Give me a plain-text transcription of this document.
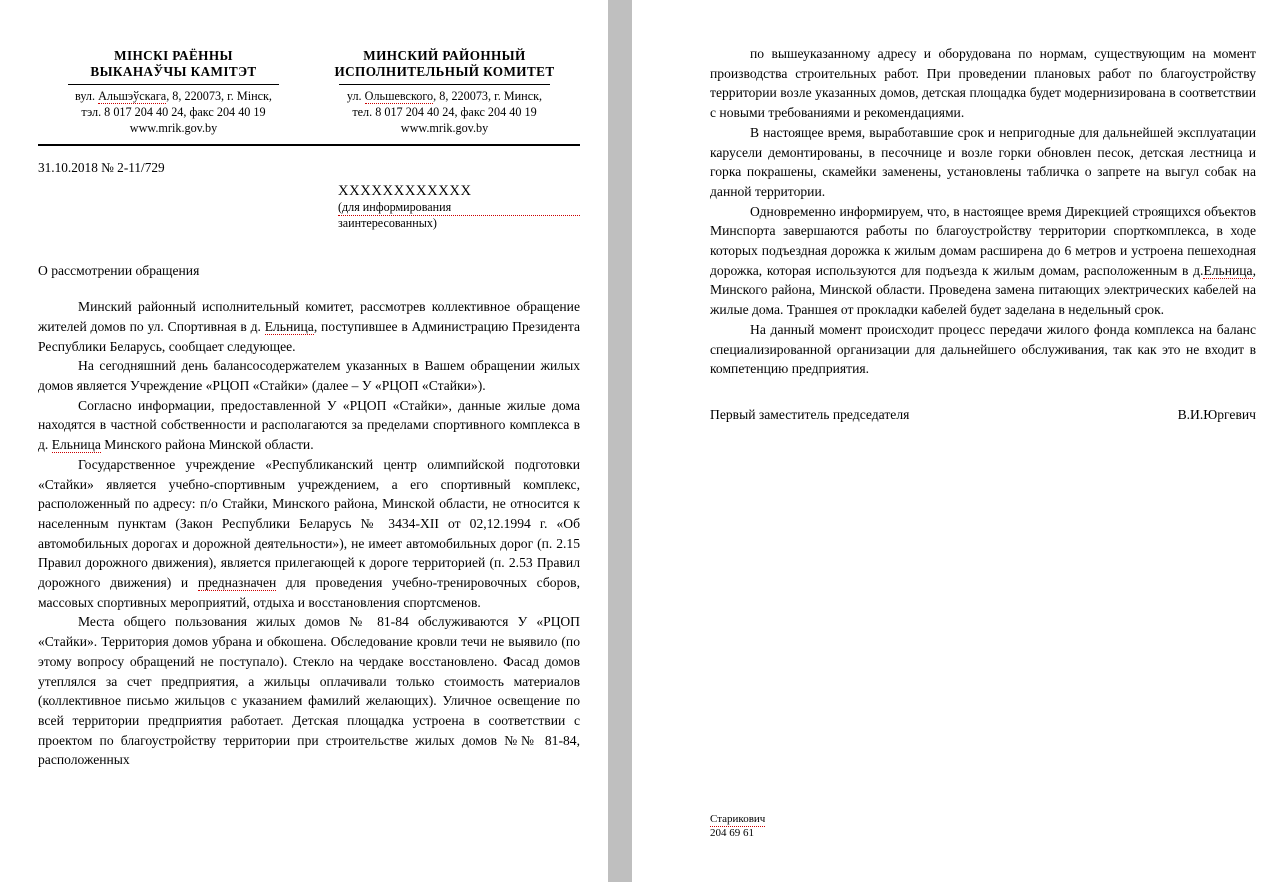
МІНСКІ РАЁННЫ
ВЫКАНАЎЧЫ КАМІТЭТ
вул. Альшэўскага, 8, 220073, г. Мінск,
тэл. 8 017 204 40 24, факс 204 40 19
www.mrik.gov.by
МИНСКИЙ РАЙОННЫЙ
ИСПОЛНИТЕЛЬНЫЙ КОМИТЕТ
ул. Ольшевского, 8, 220073, г. Минск,
тел. 8 017 204 40 24, факс 204 40 19
www.mrik.gov.by
31.10.2018 № 2-11/729
XXXXXXXXXXXX
(для информирования
заинтересованных)
О рассмотрении обращения

Минский районный исполнительный комитет, рассмотрев коллективное обращение жителей домов по ул. Спортивная в д. Ельница, поступившее в Администрацию Президента Республики Беларусь, сообщает следующее.

На сегодняшний день балансосодержателем указанных в Вашем обращении жилых домов является Учреждение «РЦОП «Стайки» (далее – У «РЦОП «Стайки»).

Согласно информации, предоставленной У «РЦОП «Стайки», данные жилые дома находятся в частной собственности и располагаются за пределами спортивного комплекса в д. Ельница Минского района Минской области.

Государственное учреждение «Республиканский центр олимпийской подготовки «Стайки» является учебно-спортивным учреждением, а его спортивный комплекс, расположенный по адресу: п/о Стайки, Минского района, Минской области, не относится к населенным пунктам (Закон Республики Беларусь № 3434-ХII от 02,12.1994 г. «Об автомобильных дорогах и дорожной деятельности»), не имеет автомобильных дорог (п. 2.15 Правил дорожного движения), является прилегающей к дороге территорией (п. 2.53 Правил дорожного движения) и предназначен для проведения учебно-тренировочных сборов, массовых спортивных мероприятий, отдыха и восстановления спортсменов.

Места общего пользования жилых домов № 81-84 обслуживаются У «РЦОП «Стайки». Территория домов убрана и обкошена. Обследование кровли течи не выявило (по этому вопросу обращений не поступало). Стекло на чердаке восстановлено. Фасад домов утеплялся за счет предприятия, а жильцы оплачивали только стоимость материалов (коллективное письмо жильцов с указанием фамилий желающих). Уличное освещение по всей территории предприятия работает. Детская площадка устроена в соответствии с проектом по благоустройству территории при строительстве жилых домов №№ 81-84, расположенных

по вышеуказанному адресу и оборудована по нормам, существующим на момент производства строительных работ. При проведении плановых работ по благоустройству территории возле указанных домов, детская площадка будет модернизирована в соответствии с новыми требованиями и рекомендациями.

В настоящее время, выработавшие срок и непригодные для дальнейшей эксплуатации карусели демонтированы, в песочнице и возле горки обновлен песок, детская лестница и горка покрашены, скамейки заменены, установлены табличка о запрете на выгул собак на данной территории.

Одновременно информируем, что, в настоящее время Дирекцией строящихся объектов Минспорта завершаются работы по благоустройству территории спорткомплекса, в ходе которых подъездная дорожка к жилым домам расширена до 6 метров и устроена пешеходная дорожка, которая используются для подъезда к жилым домам, расположенным в д.Ельница, Минского района, Минской области. Проведена замена питающих электрических кабелей на жилые дома. Траншея от прокладки кабелей будет заделана в недельный срок.

На данный момент происходит процесс передачи жилого фонда комплекса на баланс специализированной организации для дальнейшего обслуживания, так как это не входит в компетенцию предприятия.

Первый заместитель председателя	В.И.Юргевич
Старикович
204 69 61
